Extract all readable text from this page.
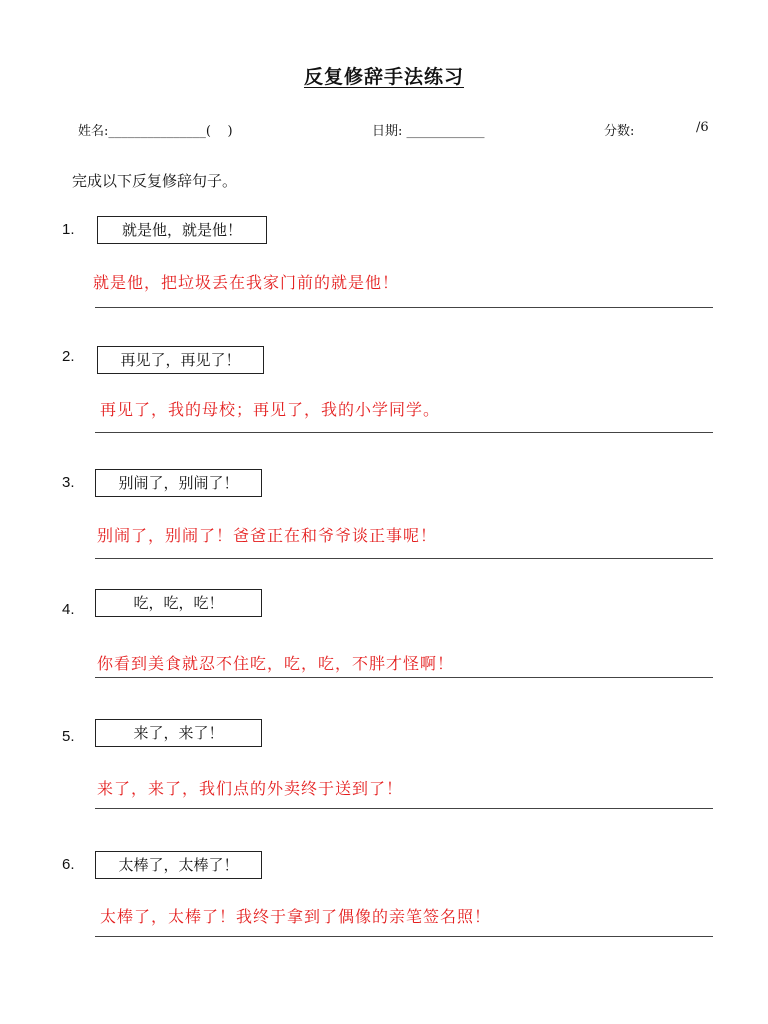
反复修辞手法练习
姓名:_______________(    )	日期: ____________	分数:	/6
完成以下反复修辞句子。
1.	就是他，就是他！
就是他，把垃圾丢在我家门前的就是他！
2.	再见了，再见了！
再见了，我的母校；再见了，我的小学同学。
3.	别闹了，别闹了！
别闹了，别闹了！爸爸正在和爷爷谈正事呢！
4.	吃，吃，吃！
你看到美食就忍不住吃，吃，吃，不胖才怪啊！
5.	来了，来了！
来了，来了，我们点的外卖终于送到了！
6.	太棒了，太棒了！
太棒了，太棒了！我终于拿到了偶像的亲笔签名照！
